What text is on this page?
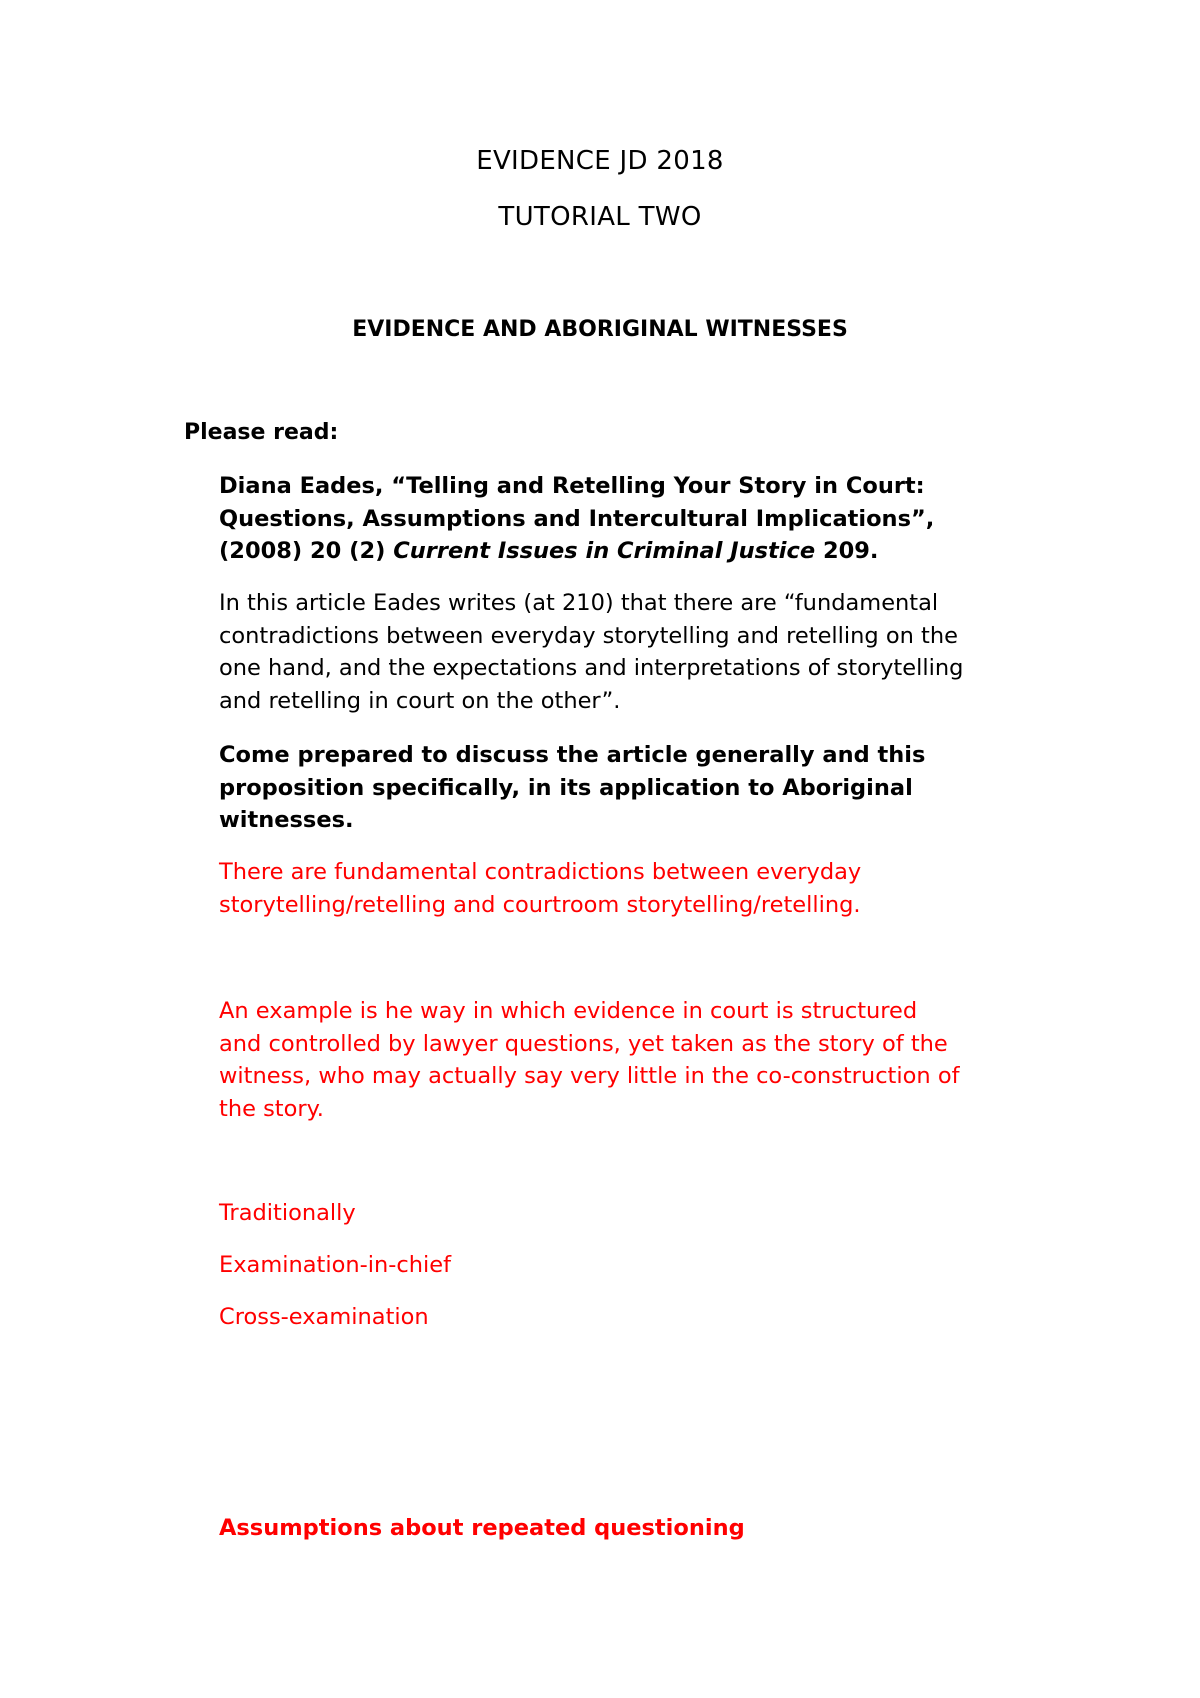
EVIDENCE JD 2018

TUTORIAL TWO

EVIDENCE AND ABORIGINAL WITNESSES

Please read:

Diana Eades, “Telling and Retelling Your Story in Court:
Questions, Assumptions and Intercultural Implications”,
(2008) 20 (2) Current Issues in Criminal Justice 209.
In this article Eades writes (at 210) that there are “fundamental
contradictions between everyday storytelling and retelling on the
one hand, and the expectations and interpretations of storytelling
and retelling in court on the other”.
Come prepared to discuss the article generally and this
proposition specifically, in its application to Aboriginal
witnesses.
There are fundamental contradictions between everyday
storytelling/retelling and courtroom storytelling/retelling.
An example is he way in which evidence in court is structured
and controlled by lawyer questions, yet taken as the story of the
witness, who may actually say very little in the co-construction of
the story.

Traditionally

Examination-in-chief

Cross-examination

Assumptions about repeated questioning
